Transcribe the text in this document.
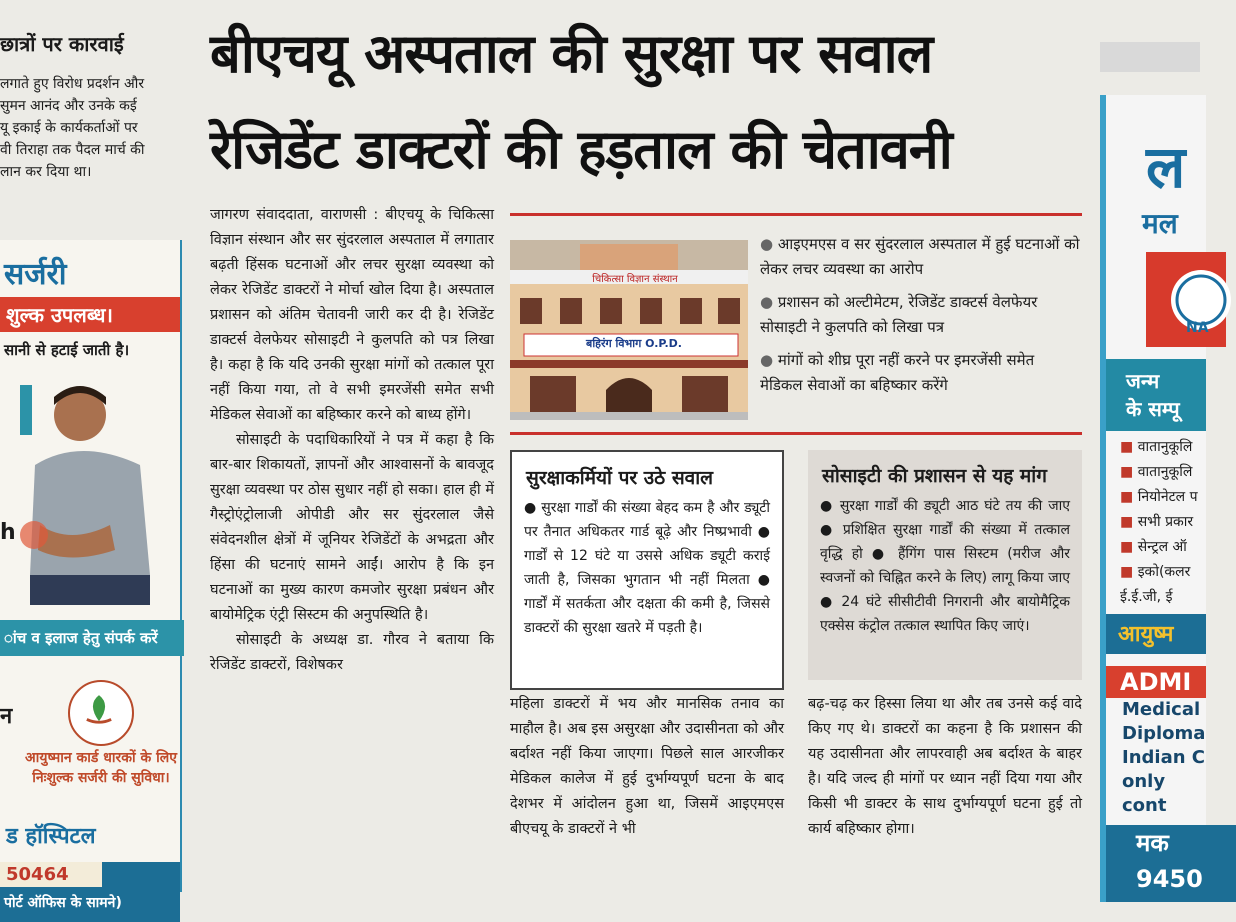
छात्रों पर कारवाई
लगाते हुए विरोध प्रदर्शन और
सुमन आनंद और उनके कई
यू इकाई के कार्यकर्ताओं पर
वी तिराहा तक पैदल मार्च की
लान कर दिया था।
सर्जरी
शुल्क उपलब्ध।
सानी से हटाई जाती है।
h
ांच व इलाज हेतु संपर्क करें
आयुष्मान कार्ड धारकों के लिए निःशुल्क सर्जरी की सुविधा।
न
ड हॉस्पिटल
50464
पोर्ट ऑफिस के सामने)
बीएचयू अस्पताल की सुरक्षा पर सवाल
रेजिडेंट डाक्टरों की हड़ताल की चेतावनी

जागरण संवाददाता, वाराणसी : बीएचयू के चिकित्सा विज्ञान संस्थान और सर सुंदरलाल अस्पताल में लगातार बढ़ती हिंसक घटनाओं और लचर सुरक्षा व्यवस्था को लेकर रेजिडेंट डाक्टरों ने मोर्चा खोल दिया है। अस्पताल प्रशासन को अंतिम चेतावनी जारी कर दी है। रेजिडेंट डाक्टर्स वेलफेयर सोसाइटी ने कुलपति को पत्र लिखा है। कहा है कि यदि उनकी सुरक्षा मांगों को तत्काल पूरा नहीं किया गया, तो वे सभी इमरजेंसी समेत सभी मेडिकल सेवाओं का बहिष्कार करने को बाध्य होंगे।

सोसाइटी के पदाधिकारियों ने पत्र में कहा है कि बार-बार शिकायतों, ज्ञापनों और आश्वासनों के बावजूद सुरक्षा व्यवस्था पर ठोस सुधार नहीं हो सका। हाल ही में गैस्ट्रोएंट्रोलाजी ओपीडी और सर सुंदरलाल जैसे संवेदनशील क्षेत्रों में जूनियर रेजिडेंटों के अभद्रता और हिंसा की घटनाएं सामने आईं। आरोप है कि इन घटनाओं का मुख्य कारण कमजोर सुरक्षा प्रबंधन और बायोमेट्रिक एंट्री सिस्टम की अनुपस्थिति है।

सोसाइटी के अध्यक्ष डा. गौरव ने बताया कि रेजिडेंट डाक्टरों, विशेषकर

चिकित्सा विज्ञान संस्थान
बहिरंग विभाग O.P.D.
● आइएमएस व सर सुंदरलाल अस्पताल में हुई घटनाओं को लेकर लचर व्यवस्था का आरोप
● प्रशासन को अल्टीमेटम, रेजिडेंट डाक्टर्स वेलफेयर सोसाइटी ने कुलपति को लिखा पत्र
● मांगों को शीघ्र पूरा नहीं करने पर इमरजेंसी समेत मेडिकल सेवाओं का बहिष्कार करेंगे
सुरक्षाकर्मियों पर उठे सवाल
● सुरक्षा गार्डों की संख्या बेहद कम है और ड्यूटी पर तैनात अधिकतर गार्ड बूढ़े और निष्प्रभावी ● गार्डों से 12 घंटे या उससे अधिक ड्यूटी कराई जाती है, जिसका भुगतान भी नहीं मिलता ● गार्डों में सतर्कता और दक्षता की कमी है, जिससे डाक्टरों की सुरक्षा खतरे में पड़ती है।
सोसाइटी की प्रशासन से यह मांग
● सुरक्षा गार्डों की ड्यूटी आठ घंटे तय की जाए ● प्रशिक्षित सुरक्षा गार्डों की संख्या में तत्काल वृद्धि हो ● हैंगिंग पास सिस्टम (मरीज और स्वजनों को चिह्नित करने के लिए) लागू किया जाए ● 24 घंटे सीसीटीवी निगरानी और बायोमैट्रिक एक्सेस कंट्रोल तत्काल स्थापित किए जाएं।

महिला डाक्टरों में भय और मानसिक तनाव का माहौल है। अब इस असुरक्षा और उदासीनता को और बर्दाश्त नहीं किया जाएगा। पिछले साल आरजीकर मेडिकल कालेज में हुई दुर्भाग्यपूर्ण घटना के बाद देशभर में आंदोलन हुआ था, जिसमें आइएमएस बीएचयू के डाक्टरों ने भी

बढ़-चढ़ कर हिस्सा लिया था और तब उनसे कई वादे किए गए थे। डाक्टरों का कहना है कि प्रशासन की यह उदासीनता और लापरवाही अब बर्दाश्त के बाहर है। यदि जल्द ही मांगों पर ध्यान नहीं दिया गया और किसी भी डाक्टर के साथ दुर्भाग्यपूर्ण घटना हुई तो कार्य बहिष्कार होगा।

ल
मल
NA
जन्म
के सम्पू
■ वातानुकूलि
■ वातानुकूलि
■ नियोनेटल प
■ सभी प्रकार
■ सेन्ट्रल ऑ
■ इको(कलर
ई.ई.जी, ई
आयुष्म
ADMI
Medical
Diploma
Indian C
only cont
मक
9450
